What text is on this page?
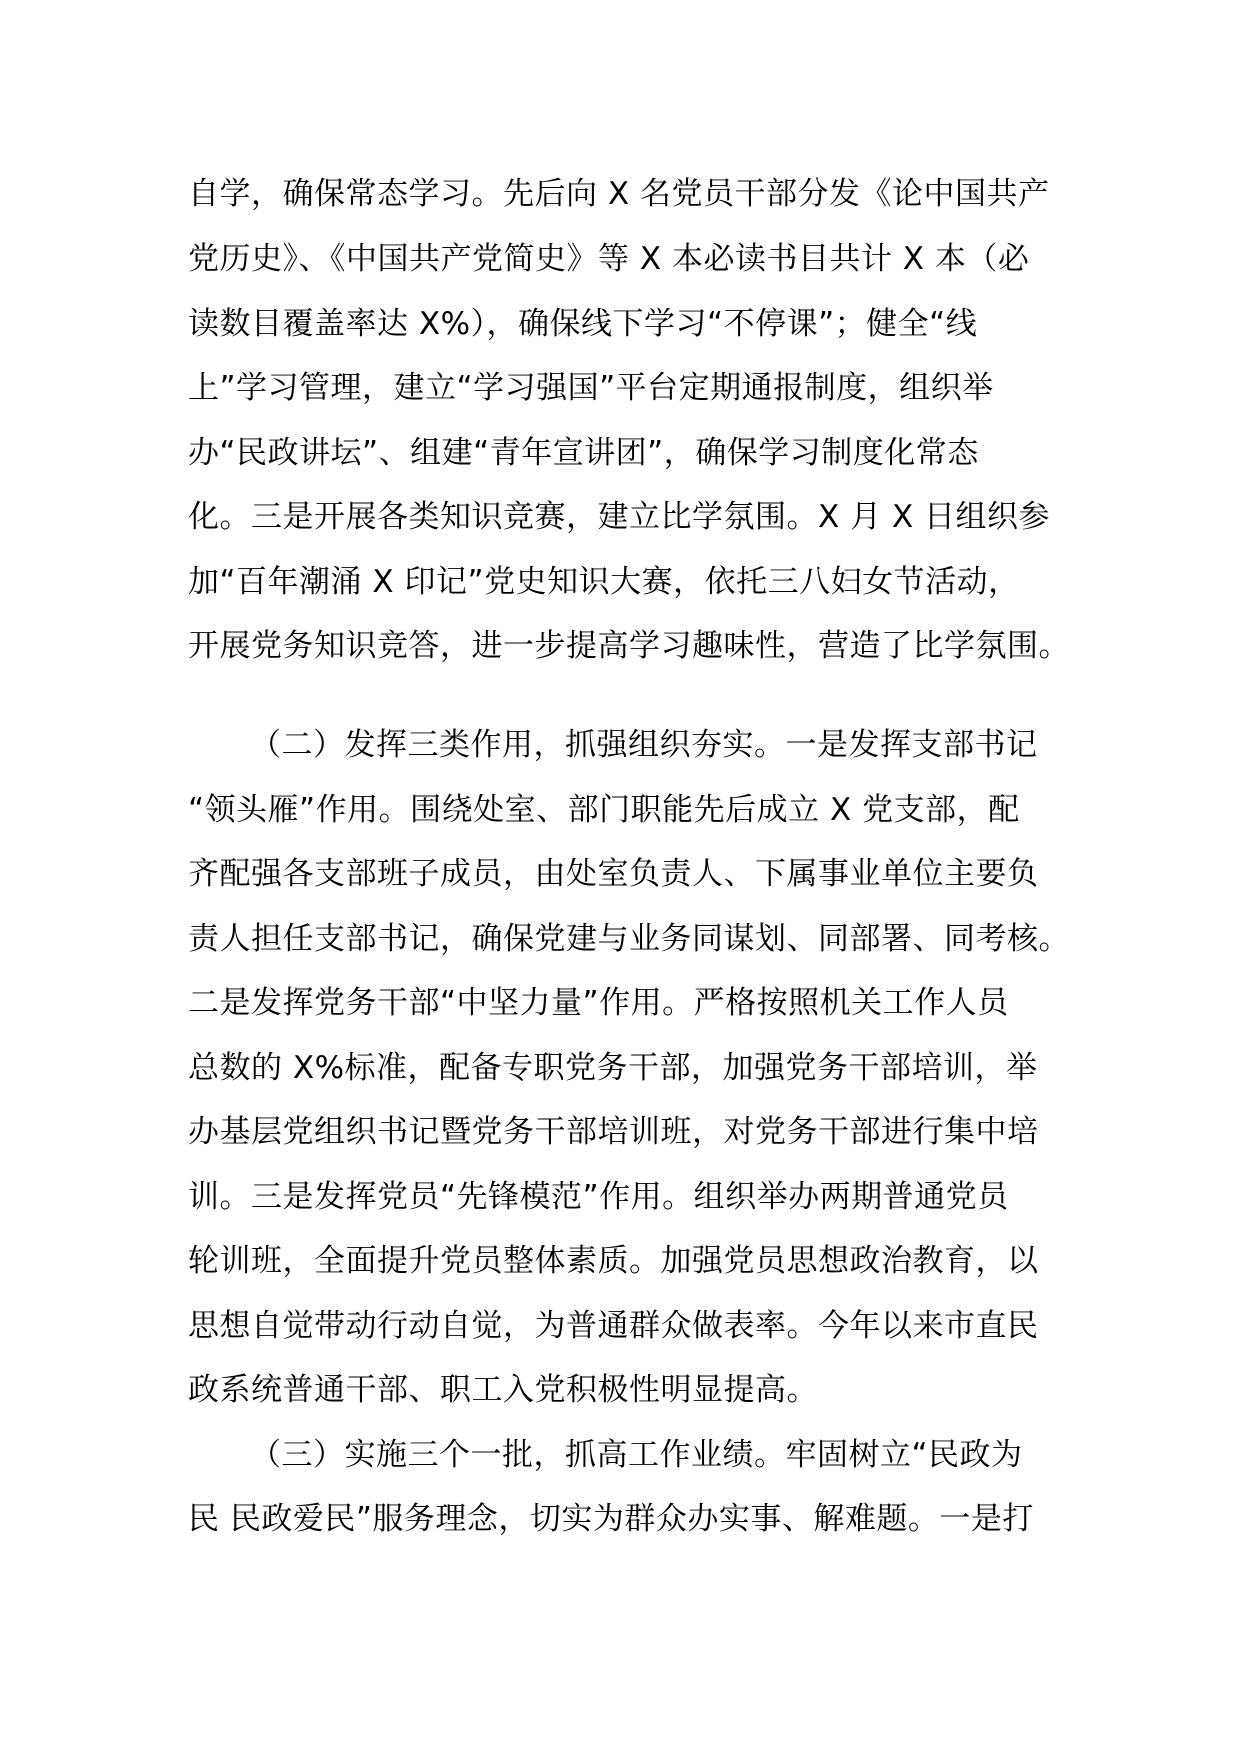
自学，确保常态学习。先后向 X 名党员干部分发《论中国共产
党历史》、《中国共产党简史》等 X 本必读书目共计 X 本（必
读数目覆盖率达 X%），确保线下学习“不停课”；健全“线
上”学习管理，建立“学习强国”平台定期通报制度，组织举
办“民政讲坛”、组建“青年宣讲团”，确保学习制度化常态
化。三是开展各类知识竞赛，建立比学氛围。X 月 X 日组织参
加“百年潮涌 X 印记”党史知识大赛，依托三八妇女节活动，
开展党务知识竞答，进一步提高学习趣味性，营造了比学氛围。
（二）发挥三类作用，抓强组织夯实。一是发挥支部书记
“领头雁”作用。围绕处室、部门职能先后成立 X 党支部，配
齐配强各支部班子成员，由处室负责人、下属事业单位主要负
责人担任支部书记，确保党建与业务同谋划、同部署、同考核。
二是发挥党务干部“中坚力量”作用。严格按照机关工作人员
总数的 X%标准，配备专职党务干部，加强党务干部培训，举
办基层党组织书记暨党务干部培训班，对党务干部进行集中培
训。三是发挥党员“先锋模范”作用。组织举办两期普通党员
轮训班，全面提升党员整体素质。加强党员思想政治教育，以
思想自觉带动行动自觉，为普通群众做表率。今年以来市直民
政系统普通干部、职工入党积极性明显提高。
（三）实施三个一批，抓高工作业绩。牢固树立“民政为
民 民政爱民”服务理念，切实为群众办实事、解难题。一是打
